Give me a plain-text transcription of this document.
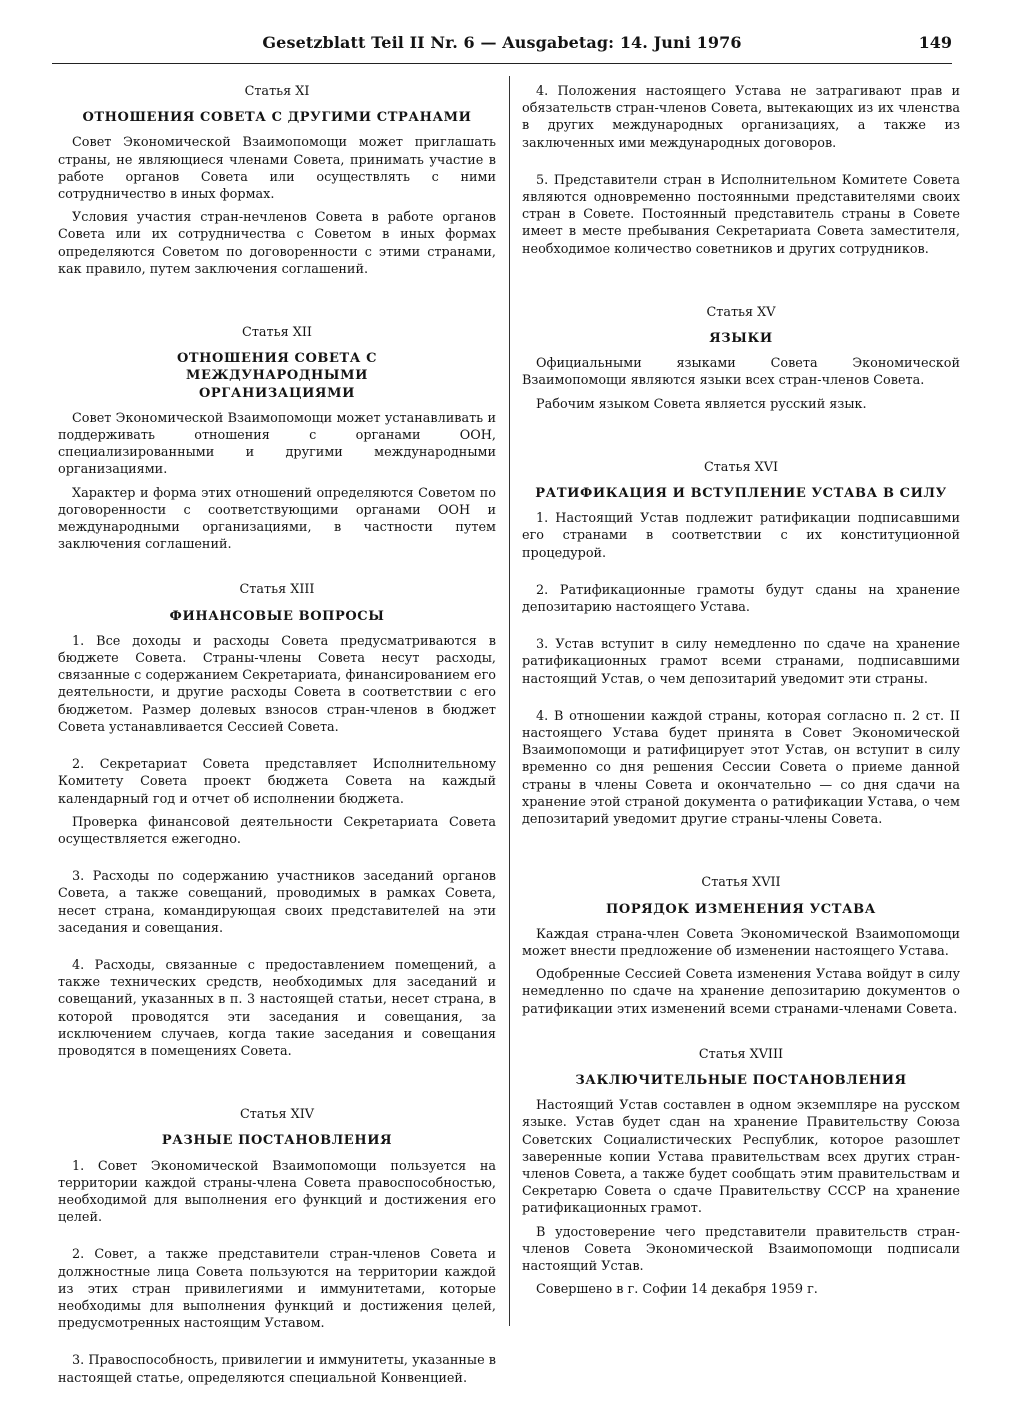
Gesetzblatt Teil II Nr. 6 — Ausgabetag: 14. Juni 1976	149
Статья XI
ОТНОШЕНИЯ СОВЕТА С ДРУГИМИ СТРАНАМИ

Совет Экономической Взаимопомощи может приглашать страны, не являющиеся членами Совета, принимать участие в работе органов Совета или осуществлять с ними сотрудничество в иных формах.

Условия участия стран-нечленов Совета в работе органов Совета или их сотрудничества с Советом в иных формах определяются Советом по договоренности с этими странами, как правило, путем заключения соглашений.

Статья XII
ОТНОШЕНИЯ СОВЕТА С МЕЖДУНАРОДНЫМИ ОРГАНИЗАЦИЯМИ

Совет Экономической Взаимопомощи может устанавливать и поддерживать отношения с органами ООН, специализированными и другими международными организациями.

Характер и форма этих отношений определяются Советом по договоренности с соответствующими органами ООН и международными организациями, в частности путем заключения соглашений.

Статья XIII
ФИНАНСОВЫЕ ВОПРОСЫ

1. Все доходы и расходы Совета предусматриваются в бюджете Совета. Страны-члены Совета несут расходы, связанные с содержанием Секретариата, финансированием его деятельности, и другие расходы Совета в соответствии с его бюджетом. Размер долевых взносов стран-членов в бюджет Совета устанавливается Сессией Совета.

2. Секретариат Совета представляет Исполнительному Комитету Совета проект бюджета Совета на каждый календарный год и отчет об исполнении бюджета.

Проверка финансовой деятельности Секретариата Совета осуществляется ежегодно.

3. Расходы по содержанию участников заседаний органов Совета, а также совещаний, проводимых в рамках Совета, несет страна, командирующая своих представителей на эти заседания и совещания.

4. Расходы, связанные с предоставлением помещений, а также технических средств, необходимых для заседаний и совещаний, указанных в п. 3 настоящей статьи, несет страна, в которой проводятся эти заседания и совещания, за исключением случаев, когда такие заседания и совещания проводятся в помещениях Совета.

Статья XIV
РАЗНЫЕ ПОСТАНОВЛЕНИЯ

1. Совет Экономической Взаимопомощи пользуется на территории каждой страны-члена Совета правоспособностью, необходимой для выполнения его функций и достижения его целей.

2. Совет, а также представители стран-членов Совета и должностные лица Совета пользуются на территории каждой из этих стран привилегиями и иммунитетами, которые необходимы для выполнения функций и достижения целей, предусмотренных настоящим Уставом.

3. Правоспособность, привилегии и иммунитеты, указанные в настоящей статье, определяются специальной Конвенцией.

4. Положения настоящего Устава не затрагивают прав и обязательств стран-членов Совета, вытекающих из их членства в других международных организациях, а также из заключенных ими международных договоров.

5. Представители стран в Исполнительном Комитете Совета являются одновременно постоянными представителями своих стран в Совете. Постоянный представитель страны в Совете имеет в месте пребывания Секретариата Совета заместителя, необходимое количество советников и других сотрудников.

Статья XV
ЯЗЫКИ

Официальными языками Совета Экономической Взаимопомощи являются языки всех стран-членов Совета.

Рабочим языком Совета является русский язык.

Статья XVI
РАТИФИКАЦИЯ И ВСТУПЛЕНИЕ УСТАВА В СИЛУ

1. Настоящий Устав подлежит ратификации подписавшими его странами в соответствии с их конституционной процедурой.

2. Ратификационные грамоты будут сданы на хранение депозитарию настоящего Устава.

3. Устав вступит в силу немедленно по сдаче на хранение ратификационных грамот всеми странами, подписавшими настоящий Устав, о чем депозитарий уведомит эти страны.

4. В отношении каждой страны, которая согласно п. 2 ст. II настоящего Устава будет принята в Совет Экономической Взаимопомощи и ратифицирует этот Устав, он вступит в силу временно со дня решения Сессии Совета о приеме данной страны в члены Совета и окончательно — со дня сдачи на хранение этой страной документа о ратификации Устава, о чем депозитарий уведомит другие страны-члены Совета.

Статья XVII
ПОРЯДОК ИЗМЕНЕНИЯ УСТАВА

Каждая страна-член Совета Экономической Взаимопомощи может внести предложение об изменении настоящего Устава.

Одобренные Сессией Совета изменения Устава войдут в силу немедленно по сдаче на хранение депозитарию документов о ратификации этих изменений всеми странами-членами Совета.

Статья XVIII
ЗАКЛЮЧИТЕЛЬНЫЕ ПОСТАНОВЛЕНИЯ

Настоящий Устав составлен в одном экземпляре на русском языке. Устав будет сдан на хранение Правительству Союза Советских Социалистических Республик, которое разошлет заверенные копии Устава правительствам всех других стран-членов Совета, а также будет сообщать этим правительствам и Секретарю Совета о сдаче Правительству СССР на хранение ратификационных грамот.

В удостоверение чего представители правительств стран-членов Совета Экономической Взаимопомощи подписали настоящий Устав.

Совершено в г. Софии 14 декабря 1959 г.
